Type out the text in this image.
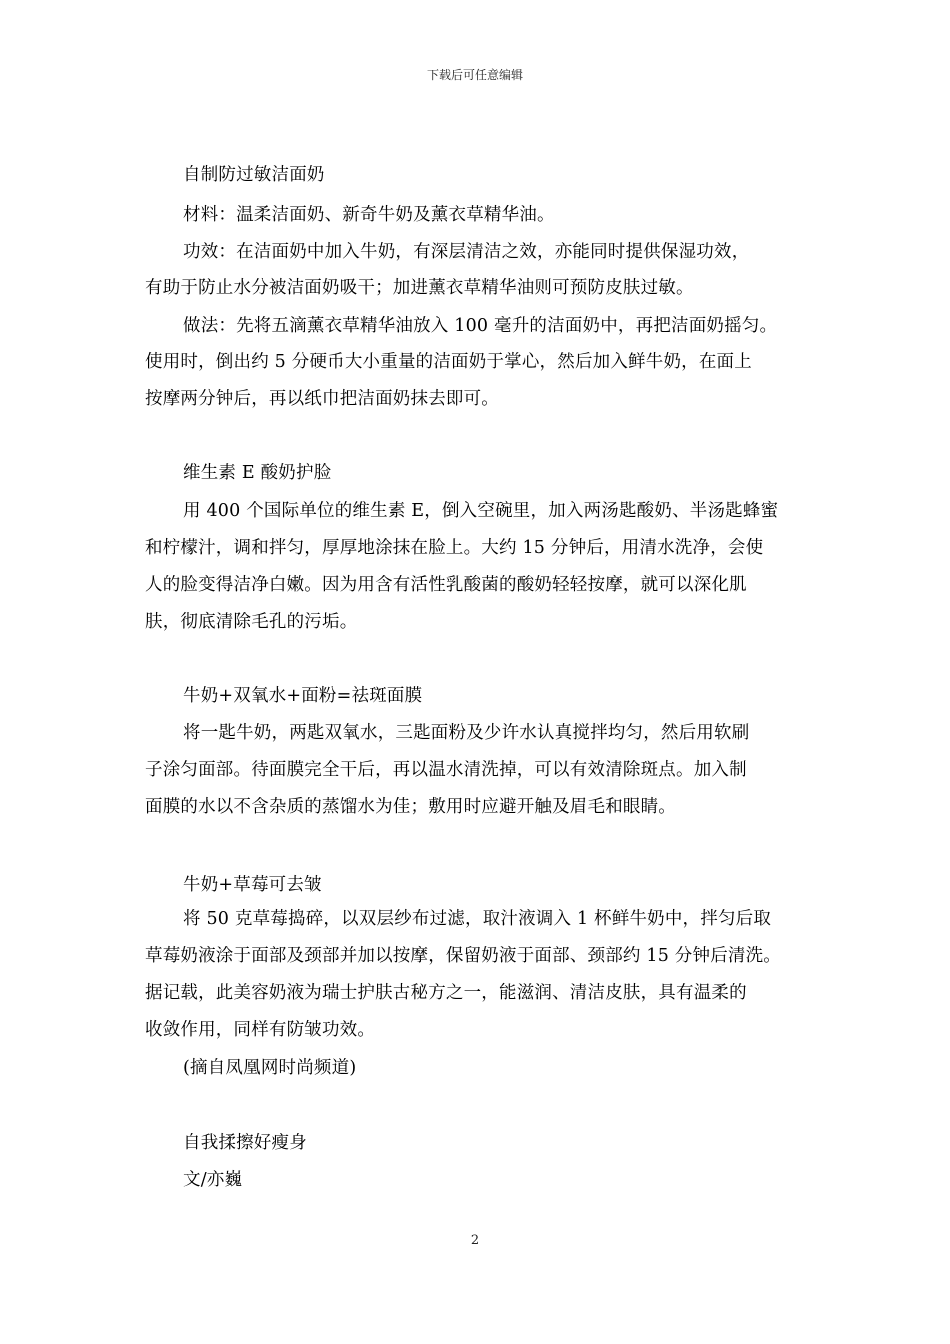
下载后可任意编辑
自制防过敏洁面奶
材料：温柔洁面奶、新奇牛奶及薰衣草精华油。
功效：在洁面奶中加入牛奶，有深层清洁之效，亦能同时提供保湿功效，
有助于防止水分被洁面奶吸干；加进薰衣草精华油则可预防皮肤过敏。
做法：先将五滴薰衣草精华油放入 100 毫升的洁面奶中，再把洁面奶摇匀。
使用时，倒出约 5 分硬币大小重量的洁面奶于掌心，然后加入鲜牛奶，在面上
按摩两分钟后，再以纸巾把洁面奶抹去即可。
维生素 E 酸奶护脸
用 400 个国际单位的维生素 E，倒入空碗里，加入两汤匙酸奶、半汤匙蜂蜜
和柠檬汁，调和拌匀，厚厚地涂抹在脸上。大约 15 分钟后，用清水洗净，会使
人的脸变得洁净白嫩。因为用含有活性乳酸菌的酸奶轻轻按摩，就可以深化肌
肤，彻底清除毛孔的污垢。
牛奶+双氧水+面粉=祛斑面膜
将一匙牛奶，两匙双氧水，三匙面粉及少许水认真搅拌均匀，然后用软刷
子涂匀面部。待面膜完全干后，再以温水清洗掉，可以有效清除斑点。加入制
面膜的水以不含杂质的蒸馏水为佳；敷用时应避开触及眉毛和眼睛。
牛奶+草莓可去皱
将 50 克草莓捣碎，以双层纱布过滤，取汁液调入 1 杯鲜牛奶中，拌匀后取
草莓奶液涂于面部及颈部并加以按摩，保留奶液于面部、颈部约 15 分钟后清洗。
据记载，此美容奶液为瑞士护肤古秘方之一，能滋润、清洁皮肤，具有温柔的
收敛作用，同样有防皱功效。
(摘自凤凰网时尚频道)
自我揉擦好瘦身
文/亦巍
2
